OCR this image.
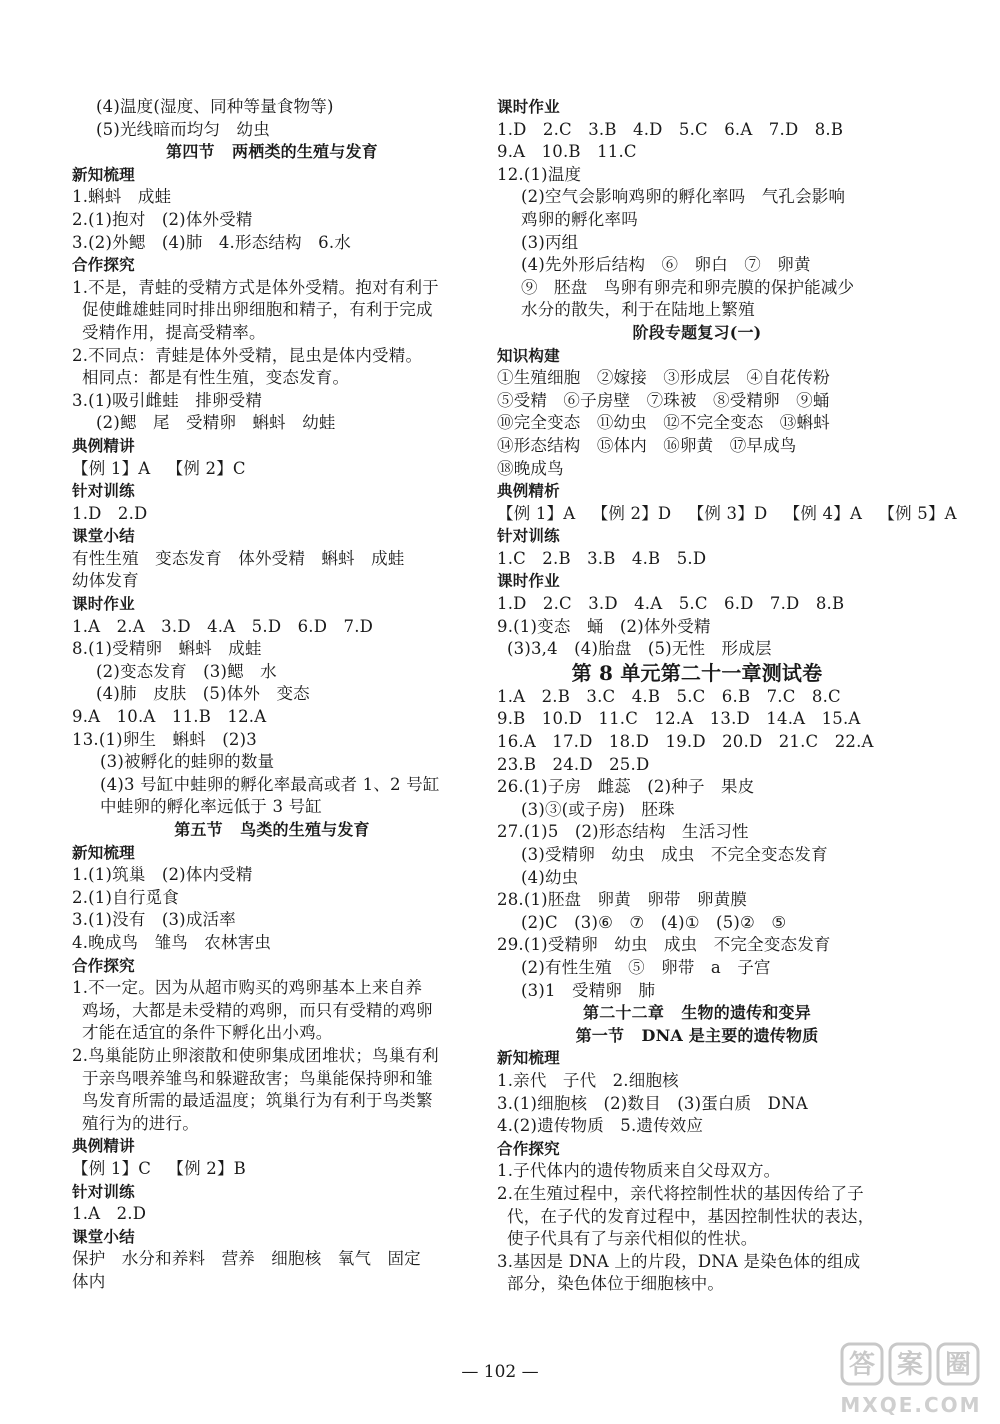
(4)温度(湿度、同种等量食物等)
(5)光线暗而均匀   幼虫
第四节   两栖类的生殖与发育
新知梳理
1.蝌蚪   成蛙
2.(1)抱对   (2)体外受精
3.(2)外鳃   (4)肺   4.形态结构   6.水
合作探究
1.不是，青蛙的受精方式是体外受精。抱对有利于
促使雌雄蛙同时排出卵细胞和精子，有利于完成
受精作用，提高受精率。
2.不同点：青蛙是体外受精，昆虫是体内受精。
相同点：都是有性生殖，变态发育。
3.(1)吸引雌蛙   排卵受精
(2)鳃   尾   受精卵   蝌蚪   幼蛙
典例精讲
【例 1】A   【例 2】C
针对训练
1.D   2.D
课堂小结
有性生殖   变态发育   体外受精   蝌蚪   成蛙
幼体发育
课时作业
1.A   2.A   3.D   4.A   5.D   6.D   7.D
8.(1)受精卵   蝌蚪   成蛙
(2)变态发育   (3)鳃   水
(4)肺   皮肤   (5)体外   变态
9.A   10.A   11.B   12.A
13.(1)卵生   蝌蚪   (2)3
(3)被孵化的蛙卵的数量
(4)3 号缸中蛙卵的孵化率最高或者 1、2 号缸
中蛙卵的孵化率远低于 3 号缸
第五节   鸟类的生殖与发育
新知梳理
1.(1)筑巢   (2)体内受精
2.(1)自行觅食
3.(1)没有   (3)成活率
4.晚成鸟   雏鸟   农林害虫
合作探究
1.不一定。因为从超市购买的鸡卵基本上来自养
鸡场，大都是未受精的鸡卵，而只有受精的鸡卵
才能在适宜的条件下孵化出小鸡。
2.鸟巢能防止卵滚散和使卵集成团堆状；鸟巢有利
于亲鸟喂养雏鸟和躲避敌害；鸟巢能保持卵和雏
鸟发育所需的最适温度；筑巢行为有利于鸟类繁
殖行为的进行。
典例精讲
【例 1】C   【例 2】B
针对训练
1.A   2.D
课堂小结
保护   水分和养料   营养   细胞核   氧气   固定
体内
课时作业
1.D   2.C   3.B   4.D   5.C   6.A   7.D   8.B
9.A   10.B   11.C
12.(1)温度
(2)空气会影响鸡卵的孵化率吗   气孔会影响
鸡卵的孵化率吗
(3)丙组
(4)先外形后结构   ⑥   卵白   ⑦   卵黄
⑨   胚盘   鸟卵有卵壳和卵壳膜的保护能减少
水分的散失，利于在陆地上繁殖
阶段专题复习(一)
知识构建
①生殖细胞   ②嫁接   ③形成层   ④自花传粉
⑤受精   ⑥子房壁   ⑦珠被   ⑧受精卵   ⑨蛹
⑩完全变态   ⑪幼虫   ⑫不完全变态   ⑬蝌蚪
⑭形态结构   ⑮体内   ⑯卵黄   ⑰早成鸟
⑱晚成鸟
典例精析
【例 1】A   【例 2】D   【例 3】D   【例 4】A   【例 5】A
针对训练
1.C   2.B   3.B   4.B   5.D
课时作业
1.D   2.C   3.D   4.A   5.C   6.D   7.D   8.B
9.(1)变态   蛹   (2)体外受精
(3)3,4   (4)胎盘   (5)无性   形成层
第 8 单元第二十一章测试卷
1.A   2.B   3.C   4.B   5.C   6.B   7.C   8.C
9.B   10.D   11.C   12.A   13.D   14.A   15.A
16.A   17.D   18.D   19.D   20.D   21.C   22.A
23.B   24.D   25.D
26.(1)子房   雌蕊   (2)种子   果皮
(3)③(或子房)   胚珠
27.(1)5   (2)形态结构   生活习性
(3)受精卵   幼虫   成虫   不完全变态发育
(4)幼虫
28.(1)胚盘   卵黄   卵带   卵黄膜
(2)C   (3)⑥   ⑦   (4)①   (5)②   ⑤
29.(1)受精卵   幼虫   成虫   不完全变态发育
(2)有性生殖   ⑤   卵带   a   子宫
(3)1   受精卵   肺
第二十二章   生物的遗传和变异
第一节   DNA 是主要的遗传物质
新知梳理
1.亲代   子代   2.细胞核
3.(1)细胞核   (2)数目   (3)蛋白质   DNA
4.(2)遗传物质   5.遗传效应
合作探究
1.子代体内的遗传物质来自父母双方。
2.在生殖过程中，亲代将控制性状的基因传给了子
代，在子代的发育过程中，基因控制性状的表达，
使子代具有了与亲代相似的性状。
3.基因是 DNA 上的片段，DNA 是染色体的组成
部分，染色体位于细胞核中。
— 102 —	答 案 圈
MXQE.COM
